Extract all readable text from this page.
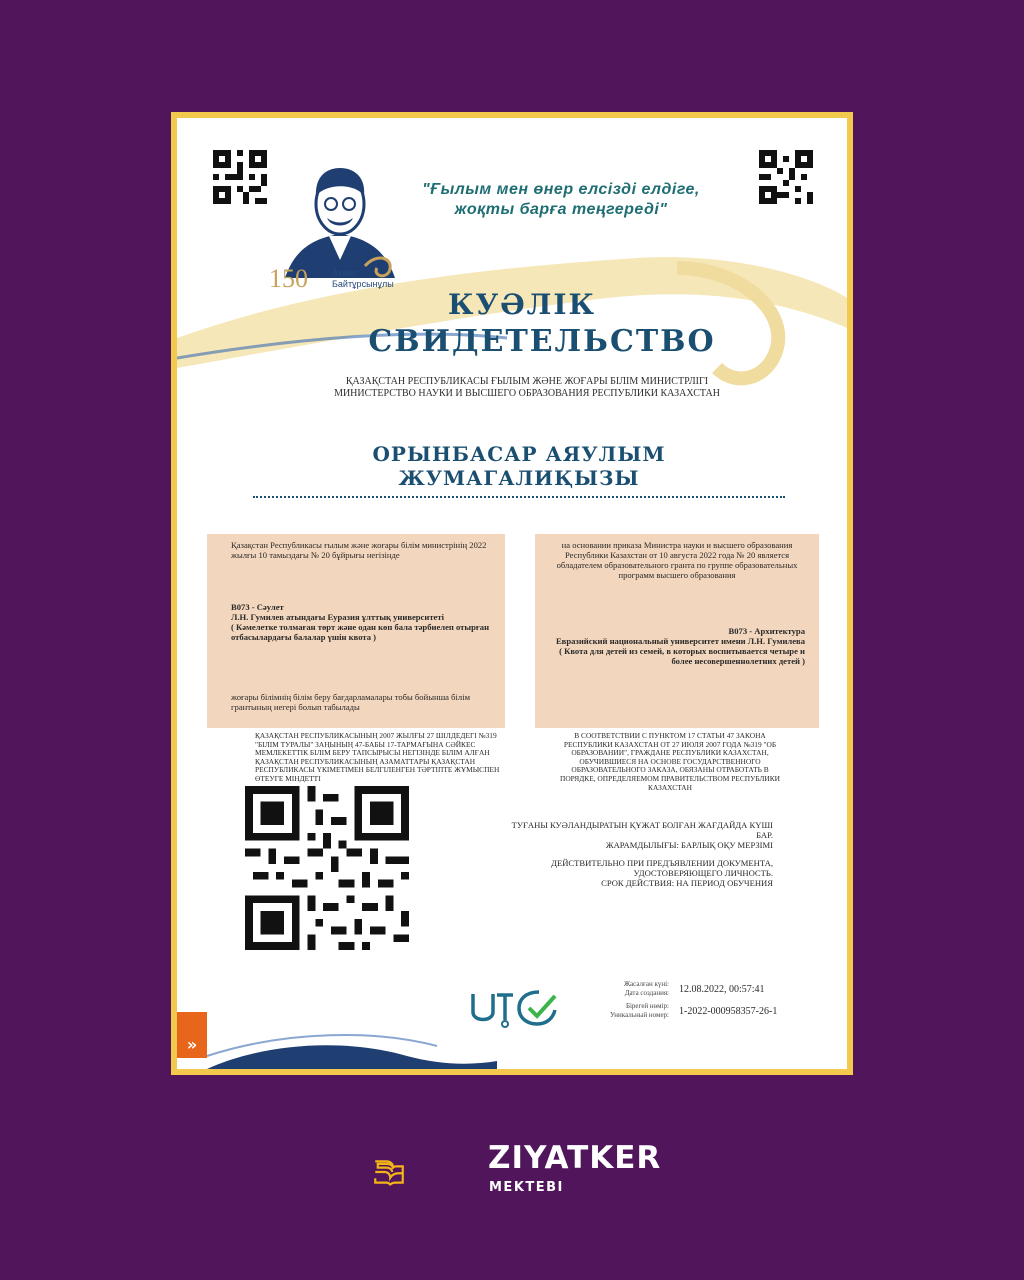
150	Ахмет Байтұрсынұлы
"Ғылым мен өнер елсізді елдіге, жоқты барға теңгереді"
КУӘЛІК
СВИДЕТЕЛЬСТВО
ҚАЗАҚСТАН РЕСПУБЛИКАСЫ ҒЫЛЫМ ЖӘНЕ ЖОҒАРЫ БІЛІМ МИНИСТРЛІГІ
МИНИСТЕРСТВО НАУКИ И ВЫСШЕГО ОБРАЗОВАНИЯ РЕСПУБЛИКИ КАЗАХСТАН
ОРЫНБАСАР АЯУЛЫМ ЖУМАГАЛИҚЫЗЫ
Қазақстан Республикасы ғылым және жоғары білім министрінің 2022 жылғы 10 тамыздағы № 20 бұйрығы негізінде
B073 - Сәулет
Л.Н. Гумилев атындағы Еуразия ұлттық университеті
( Кәмелетке толмаған төрт және одан көп бала тәрбиелеп отырған отбасылардағы балалар үшін квота )
жоғары білімнің білім беру бағдарламалары тобы бойынша білім грантының иегері болып табылады
на основании приказа Министра науки и высшего образования Республики Казахстан от 10 августа 2022 года № 20 является обладателем образовательного гранта по группе образовательных программ высшего образования
B073 - Архитектура
Евразийский национальный университет имени Л.Н. Гумилева
( Квота для детей из семей, в которых воспитывается четыре и более несовершеннолетних детей )
ҚАЗАҚСТАН РЕСПУБЛИКАСЫНЫҢ 2007 ЖЫЛҒЫ 27 ШІЛДЕДЕГІ №319 "БІЛІМ ТУРАЛЫ" ЗАҢЫНЫҢ 47-БАБЫ 17-ТАРМАҒЫНА СӘЙКЕС МЕМЛЕКЕТТІК БІЛІМ БЕРУ ТАПСЫРЫСЫ НЕГІЗІНДЕ БІЛІМ АЛҒАН ҚАЗАҚСТАН РЕСПУБЛИКАСЫНЫҢ АЗАМАТТАРЫ ҚАЗАҚСТАН РЕСПУБЛИКАСЫ ҮКІМЕТІМЕН БЕЛГІЛЕНГЕН ТӘРТІПТЕ ЖҰМЫСПЕН ӨТЕУГЕ МІНДЕТТІ
В СООТВЕТСТВИИ С ПУНКТОМ 17 СТАТЬИ 47 ЗАКОНА РЕСПУБЛИКИ КАЗАХСТАН ОТ 27 ИЮЛЯ 2007 ГОДА №319 "ОБ ОБРАЗОВАНИИ", ГРАЖДАНЕ РЕСПУБЛИКИ КАЗАХСТАН, ОБУЧИВШИЕСЯ НА ОСНОВЕ ГОСУДАРСТВЕННОГО ОБРАЗОВАТЕЛЬНОГО ЗАКАЗА, ОБЯЗАНЫ ОТРАБОТАТЬ В ПОРЯДКЕ, ОПРЕДЕЛЯЕМОМ ПРАВИТЕЛЬСТВОМ РЕСПУБЛИКИ КАЗАХСТАН
ТУҒАНЫ КУӘЛАНДЫРАТЫН ҚҰЖАТ БОЛҒАН ЖАҒДАЙДА КҮШІ БАР.
ЖАРАМДЫЛЫҒЫ: БАРЛЫҚ ОҚУ МЕРЗІМІ
ДЕЙСТВИТЕЛЬНО ПРИ ПРЕДЪЯВЛЕНИИ ДОКУМЕНТА, УДОСТОВЕРЯЮЩЕГО ЛИЧНОСТЬ.
СРОК ДЕЙСТВИЯ: НА ПЕРИОД ОБУЧЕНИЯ
Жасалған күні:
Дата создания: 12.08.2022, 00:57:41
Бірегей нөмір:
Уникальный номер: 1-2022-000958357-26-1
»
ZIYATKER
MEKTEBI
